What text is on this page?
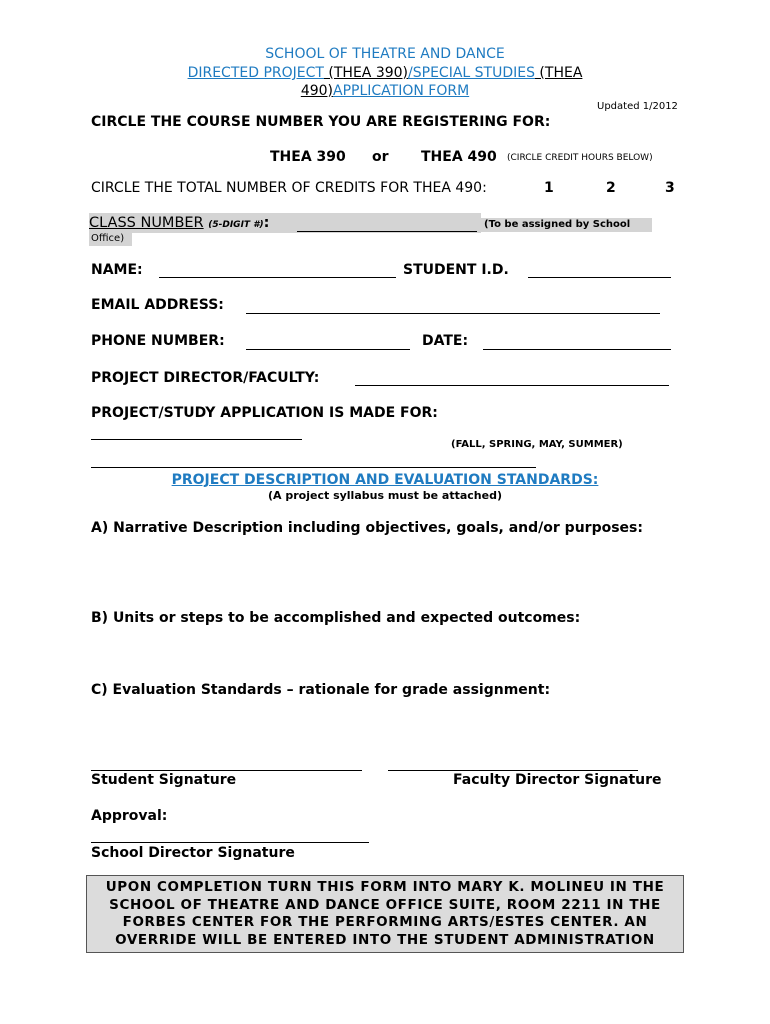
SCHOOL OF THEATRE AND DANCE
DIRECTED PROJECT (THEA 390)/SPECIAL STUDIES (THEA
490)APPLICATION FORM
Updated 1/2012
CIRCLE THE COURSE NUMBER YOU ARE REGISTERING FOR:
THEA 390 or THEA 490 (CIRCLE CREDIT HOURS BELOW)
CIRCLE THE TOTAL NUMBER OF CREDITS FOR THEA 490:	1	2	3
CLASS NUMBER (5-DIGIT #):	(To be assigned by School
Office)
NAME:	STUDENT I.D.
EMAIL ADDRESS:
PHONE NUMBER:	DATE:
PROJECT DIRECTOR/FACULTY:
PROJECT/STUDY APPLICATION IS MADE FOR:
(FALL, SPRING, MAY, SUMMER)
PROJECT DESCRIPTION AND EVALUATION STANDARDS:
(A project syllabus must be attached)
A) Narrative Description including objectives, goals, and/or purposes:
B) Units or steps to be accomplished and expected outcomes:
C) Evaluation Standards – rationale for grade assignment:
Student Signature	Faculty Director Signature
Approval:
School Director Signature
UPON COMPLETION TURN THIS FORM INTO MARY K. MOLINEU IN THE
SCHOOL OF THEATRE AND DANCE OFFICE SUITE, ROOM 2211 IN THE
FORBES CENTER FOR THE PERFORMING ARTS/ESTES CENTER. AN
OVERRIDE WILL BE ENTERED INTO THE STUDENT ADMINISTRATION
